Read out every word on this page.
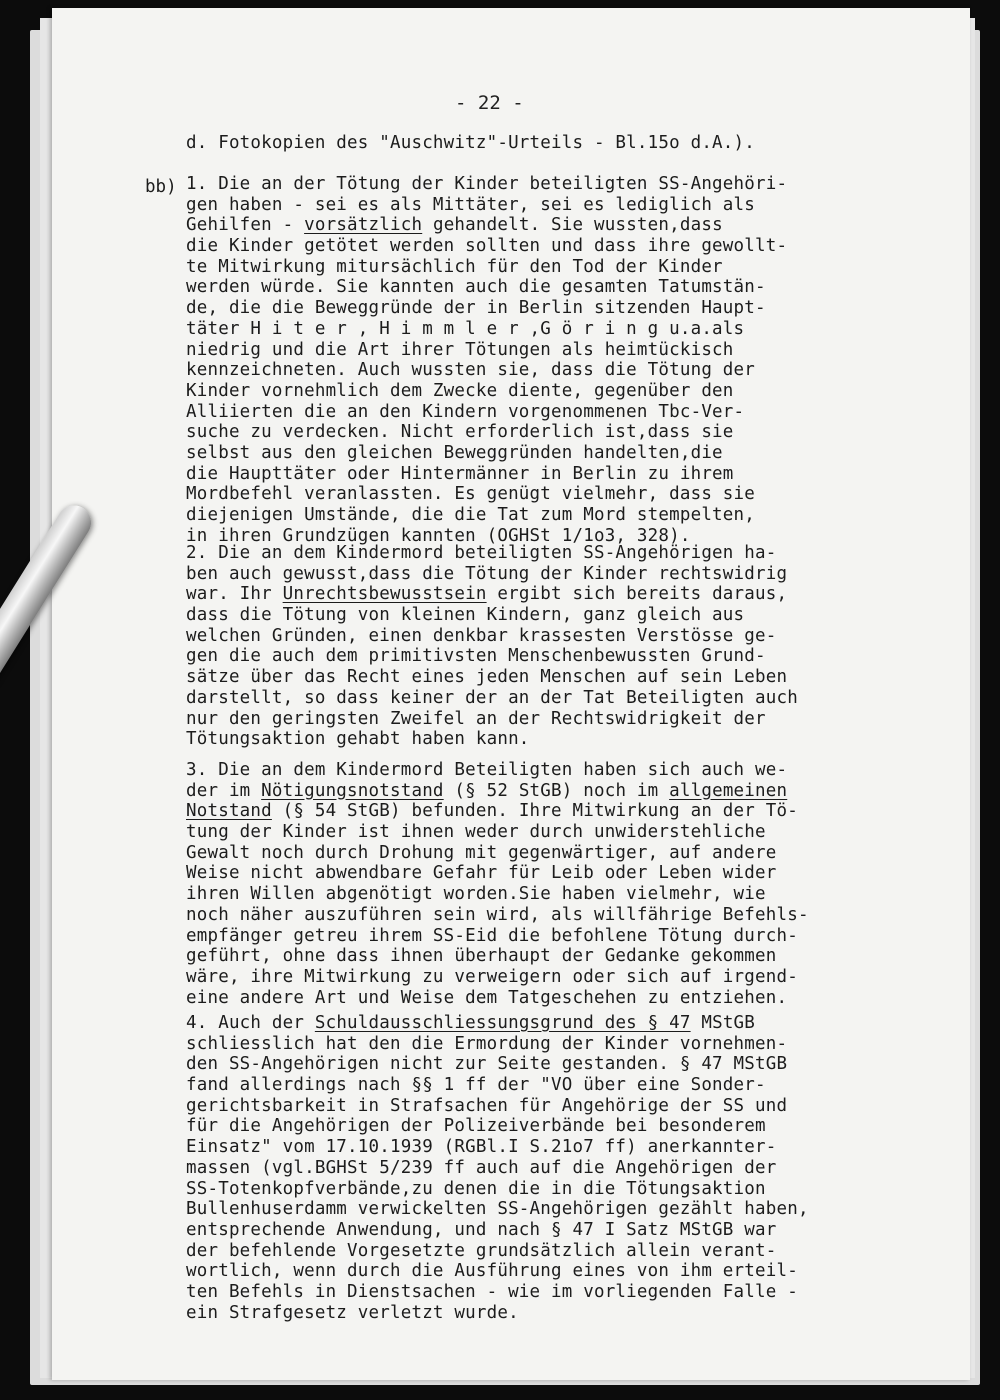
- 22 -
d. Fotokopien des "Auschwitz"-Urteils - Bl.15o d.A.).
bb) 1. Die an der Tötung der Kinder beteiligten SS-Angehöri-
gen haben - sei es als Mittäter, sei es lediglich als
Gehilfen - vorsätzlich gehandelt. Sie wussten,dass
die Kinder getötet werden sollten und dass ihre gewollt-
te Mitwirkung mitursächlich für den Tod der Kinder
werden würde. Sie kannten auch die gesamten Tatumstän-
de, die die Beweggründe der in Berlin sitzenden Haupt-
täter H i t e r , H i m m l e r ,G ö r i n g u.a.als
niedrig und die Art ihrer Tötungen als heimtückisch
kennzeichneten. Auch wussten sie, dass die Tötung der
Kinder vornehmlich dem Zwecke diente, gegenüber den
Alliierten die an den Kindern vorgenommenen Tbc-Ver-
suche zu verdecken. Nicht erforderlich ist,dass sie
selbst aus den gleichen Beweggründen handelten,die
die Haupttäter oder Hintermänner in Berlin zu ihrem
Mordbefehl veranlassten. Es genügt vielmehr, dass sie
diejenigen Umstände, die die Tat zum Mord stempelten,
in ihren Grundzügen kannten (OGHSt 1/1o3, 328).
2. Die an dem Kindermord beteiligten SS-Angehörigen ha-
ben auch gewusst,dass die Tötung der Kinder rechtswidrig
war. Ihr Unrechtsbewusstsein ergibt sich bereits daraus,
dass die Tötung von kleinen Kindern, ganz gleich aus
welchen Gründen, einen denkbar krassesten Verstösse ge-
gen die auch dem primitivsten Menschenbewussten Grund-
sätze über das Recht eines jeden Menschen auf sein Leben
darstellt, so dass keiner der an der Tat Beteiligten auch
nur den geringsten Zweifel an der Rechtswidrigkeit der
Tötungsaktion gehabt haben kann.
3. Die an dem Kindermord Beteiligten haben sich auch we-
der im Nötigungsnotstand (§ 52 StGB) noch im allgemeinen
Notstand (§ 54 StGB) befunden. Ihre Mitwirkung an der Tö-
tung der Kinder ist ihnen weder durch unwiderstehliche
Gewalt noch durch Drohung mit gegenwärtiger, auf andere
Weise nicht abwendbare Gefahr für Leib oder Leben wider
ihren Willen abgenötigt worden.Sie haben vielmehr, wie
noch näher auszuführen sein wird, als willfährige Befehls-
empfänger getreu ihrem SS-Eid die befohlene Tötung durch-
geführt, ohne dass ihnen überhaupt der Gedanke gekommen
wäre, ihre Mitwirkung zu verweigern oder sich auf irgend-
eine andere Art und Weise dem Tatgeschehen zu entziehen.
4. Auch der Schuldausschliessungsgrund des § 47 MStGB
schliesslich hat den die Ermordung der Kinder vornehmen-
den SS-Angehörigen nicht zur Seite gestanden. § 47 MStGB
fand allerdings nach §§ 1 ff der "VO über eine Sonder-
gerichtsbarkeit in Strafsachen für Angehörige der SS und
für die Angehörigen der Polizeiverbände bei besonderem
Einsatz" vom 17.10.1939 (RGBl.I S.21o7 ff) anerkannter-
massen (vgl.BGHSt 5/239 ff auch auf die Angehörigen der
SS-Totenkopfverbände,zu denen die in die Tötungsaktion
Bullenhuserdamm verwickelten SS-Angehörigen gezählt haben,
entsprechende Anwendung, und nach § 47 I Satz MStGB war
der befehlende Vorgesetzte grundsätzlich allein verant-
wortlich, wenn durch die Ausführung eines von ihm erteil-
ten Befehls in Dienstsachen - wie im vorliegenden Falle -
ein Strafgesetz verletzt wurde.
